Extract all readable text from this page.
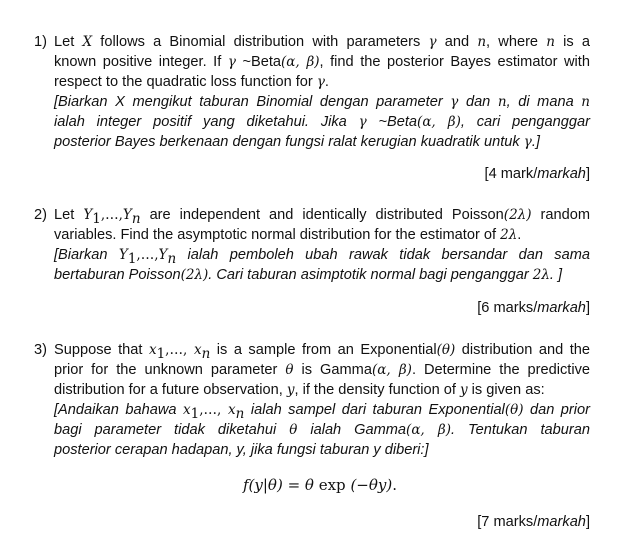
1) Let X follows a Binomial distribution with parameters γ and n, where n is a
known positive integer. If γ ~Beta(α, β), find the posterior Bayes estimator with
respect to the quadratic loss function for γ.
[Biarkan X mengikut taburan Binomial dengan parameter γ dan n, di mana n
ialah integer positif yang diketahui. Jika γ ~Beta(α, β), cari penganggar
posterior Bayes berkenaan dengan fungsi ralat kerugian kuadratik untuk γ.]
[4 mark/markah]
2) Let $Y_1,\dots,Y_n$ are independent and identically distributed Poisson(2λ) random
variables. Find the asymptotic normal distribution for the estimator of 2λ.
[Biarkan $Y_1,\dots,Y_n$ ialah pemboleh ubah rawak tidak bersandar dan sama
bertaburan Poisson(2λ). Cari taburan asimptotik normal bagi penganggar 2λ. ]
[6 marks/markah]
3) Suppose that $x_1,\dots$, $x_n$ is a sample from an Exponential(θ) distribution and the
prior for the unknown parameter θ is Gamma(α, β). Determine the predictive
distribution for a future observation, y, if the density function of y is given as:
[Andaikan bahawa $x_1,\dots$, $x_n$ ialah sampel dari taburan Exponential(θ) dan prior
bagi parameter tidak diketahui θ ialah Gamma(α, β). Tentukan taburan
posterior cerapan hadapan, y, jika fungsi taburan y diberi:]
f(y|θ) = θ exp (−θy).
[7 marks/markah]
